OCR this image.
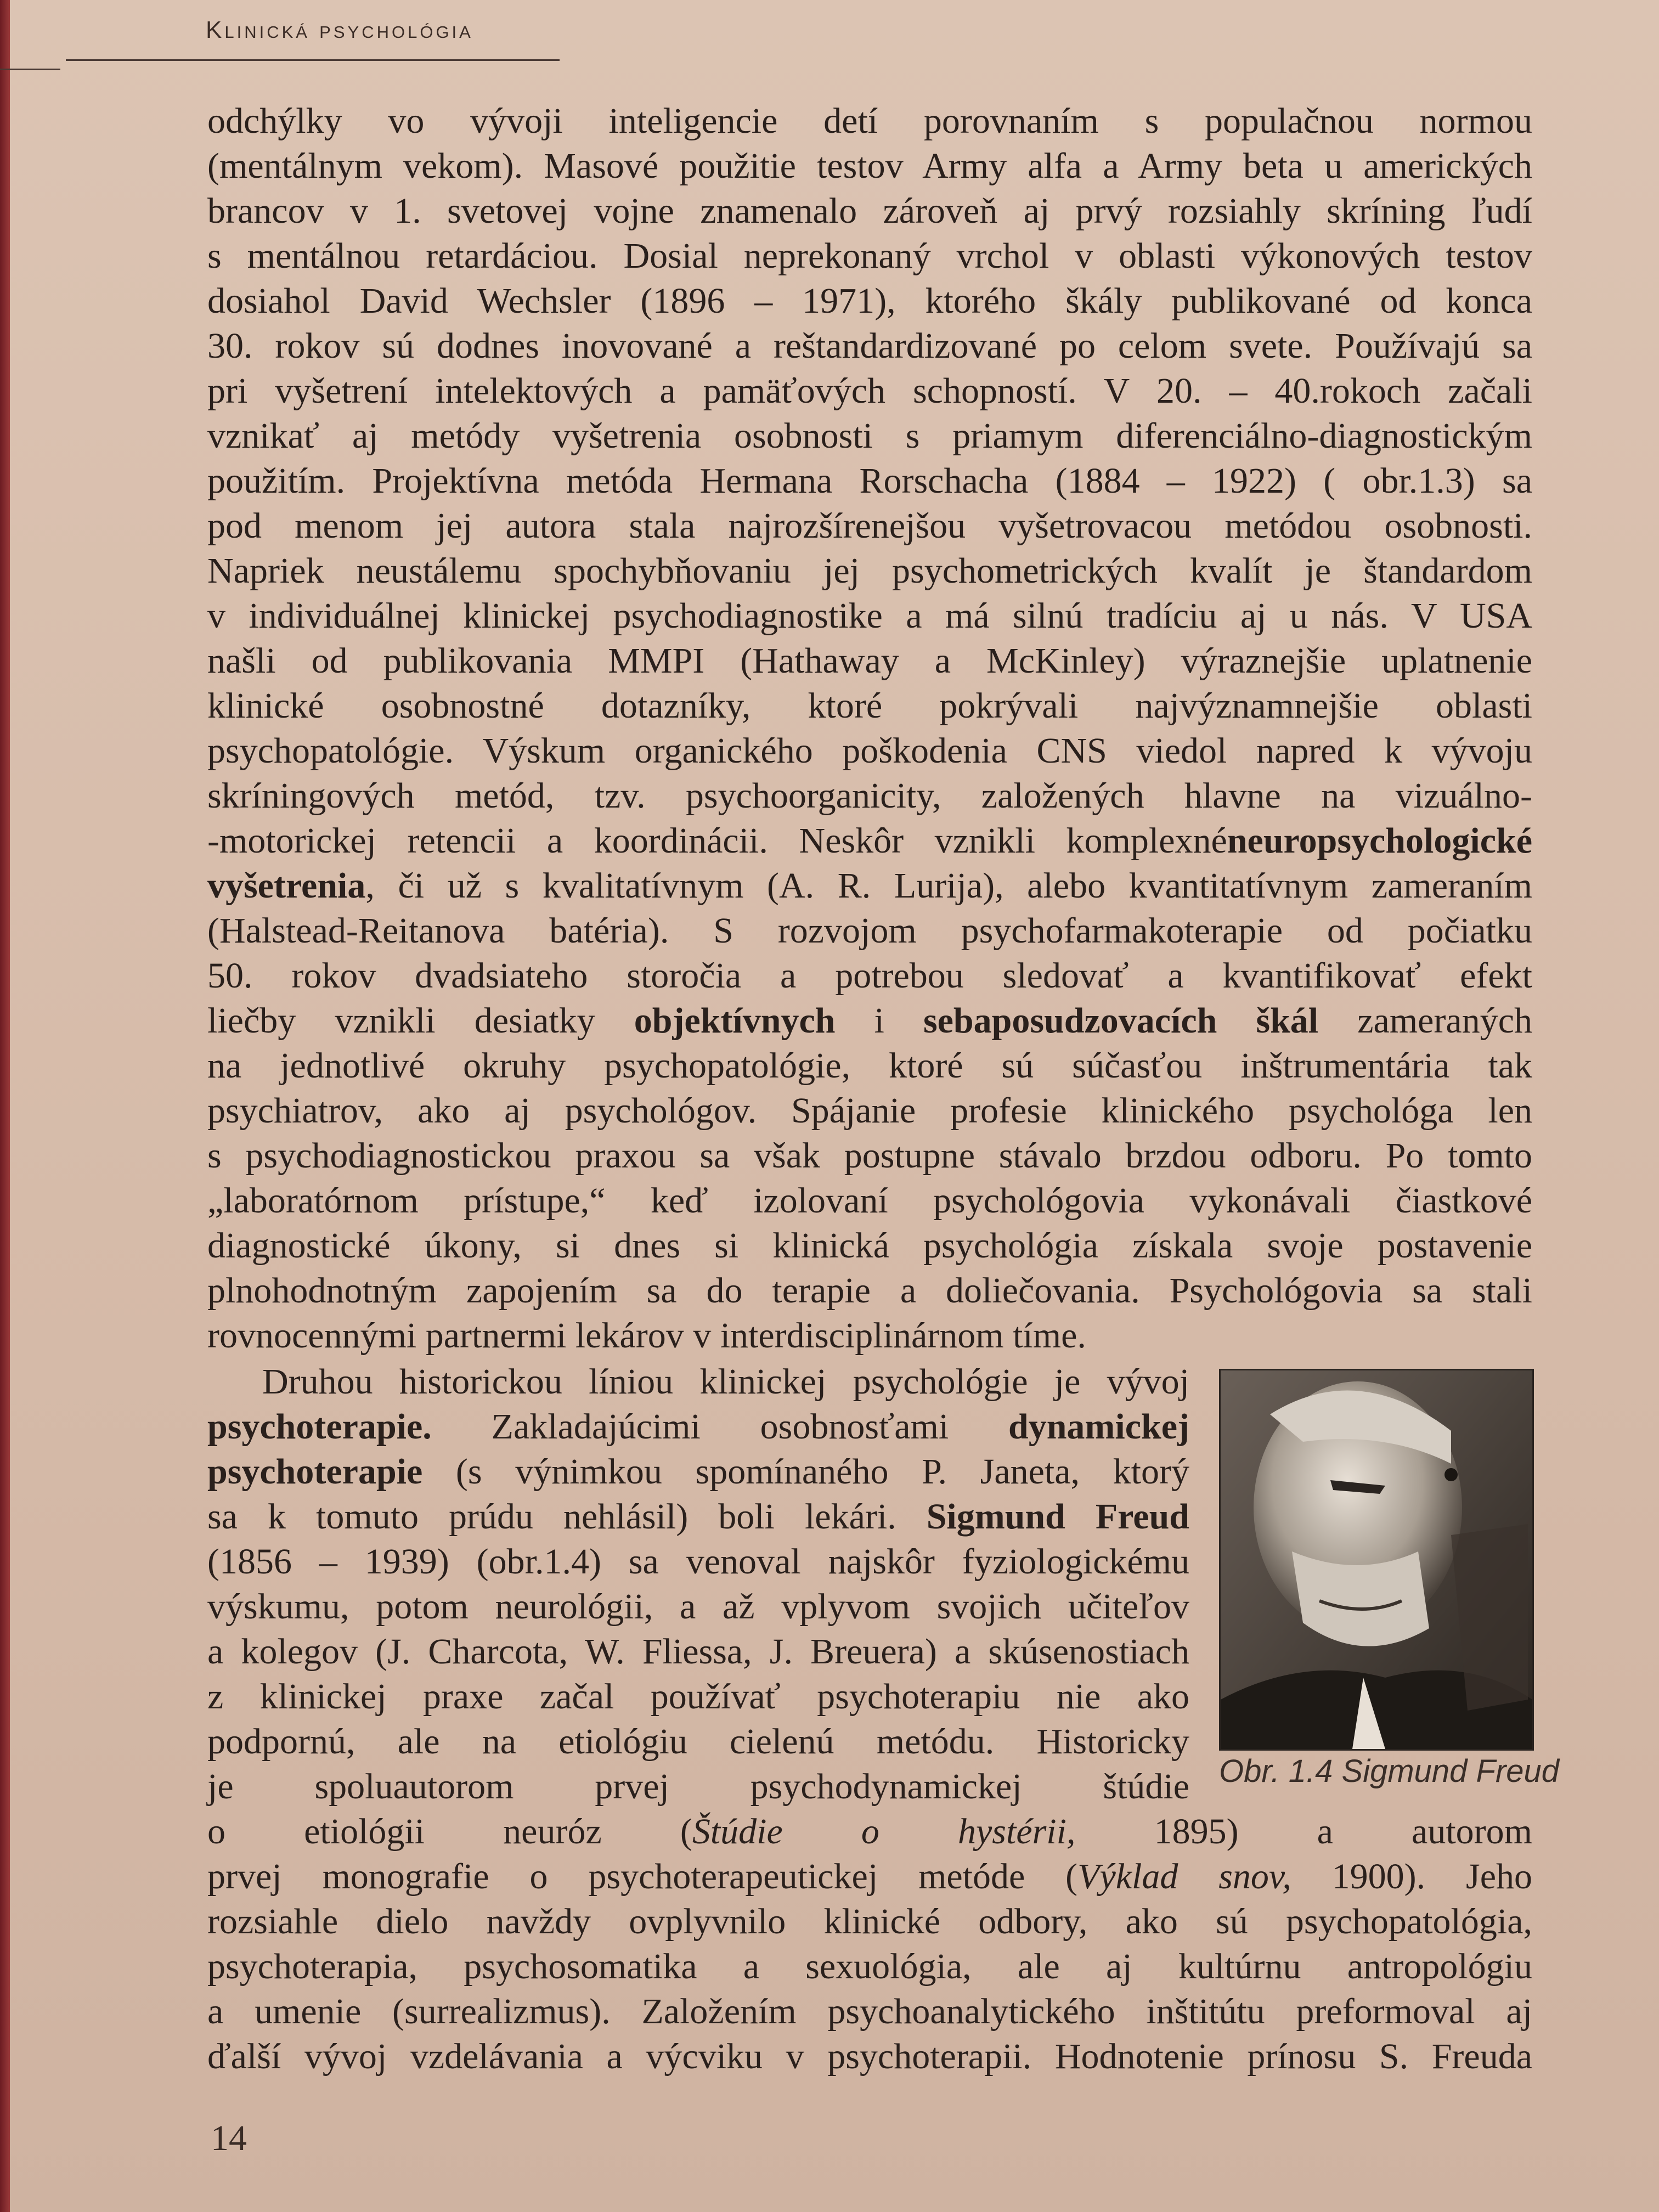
Klinická psychológia

odchýlky vo vývoji inteligencie detí porovnaním s populačnou normou

(mentálnym vekom). Masové použitie testov Army alfa a Army beta u amerických

brancov v 1. svetovej vojne znamenalo zároveň aj prvý rozsiahly skríning ľudí

s mentálnou retardáciou. Dosial neprekonaný vrchol v oblasti výkonových testov

dosiahol David Wechsler (1896 – 1971), ktorého škály publikované od konca

30. rokov sú dodnes inovované a reštandardizované po celom svete. Používajú sa

pri vyšetrení intelektových a pamäťových schopností. V 20. – 40.rokoch začali

vznikať aj metódy vyšetrenia osobnosti s priamym diferenciálno-diagnostickým

použitím. Projektívna metóda Hermana Rorschacha (1884 – 1922) ( obr.1.3) sa

pod menom jej autora stala najrozšírenejšou vyšetrovacou metódou osobnosti.

Napriek neustálemu spochybňovaniu jej psychometrických kvalít je štandardom

v individuálnej klinickej psychodiagnostike a má silnú tradíciu aj u nás. V USA

našli od publikovania MMPI (Hathaway a McKinley) výraznejšie uplatnenie

klinické osobnostné dotazníky, ktoré pokrývali najvýznamnejšie oblasti

psychopatológie. Výskum organického poškodenia CNS viedol napred k vývoju

skríningových metód, tzv. psychoorganicity, založených hlavne na vizuálno-

-motorickej retencii a koordinácii. Neskôr vznikli komplexnéneuropsychologické

vyšetrenia, či už s kvalitatívnym (A. R. Lurija), alebo kvantitatívnym zameraním

(Halstead-Reitanova batéria). S rozvojom psychofarmakoterapie od počiatku

50. rokov dvadsiateho storočia a potrebou sledovať a kvantifikovať efekt

liečby vznikli desiatky objektívnych i sebaposudzovacích škál zameraných

na jednotlivé okruhy psychopatológie, ktoré sú súčasťou inštrumentária tak

psychiatrov, ako aj psychológov. Spájanie profesie klinického psychológa len

s psychodiagnostickou praxou sa však postupne stávalo brzdou odboru. Po tomto

„laboratórnom prístupe,“ keď izolovaní psychológovia vykonávali čiastkové

diagnostické úkony, si dnes si klinická psychológia získala svoje postavenie

plnohodnotným zapojením sa do terapie a doliečovania. Psychológovia sa stali

rovnocennými partnermi lekárov v interdisciplinárnom tíme.

Druhou historickou líniou klinickej psychológie je vývoj

psychoterapie. Zakladajúcimi osobnosťami dynamickej

psychoterapie (s výnimkou spomínaného P. Janeta, ktorý

sa k tomuto prúdu nehlásil) boli lekári. Sigmund Freud

(1856 – 1939) (obr.1.4) sa venoval najskôr fyziologickému

výskumu, potom neurológii, a až vplyvom svojich učiteľov

a kolegov (J. Charcota, W. Fliessa, J. Breuera) a skúsenostiach

z klinickej praxe začal používať psychoterapiu nie ako

podpornú, ale na etiológiu cielenú metódu. Historicky

je spoluautorom prvej psychodynamickej štúdie Obr. 1.4 Sigmund Freud

o etiológii neuróz (Štúdie o hystérii, 1895) a autorom

prvej monografie o psychoterapeutickej metóde (Výklad snov, 1900). Jeho

rozsiahle dielo navždy ovplyvnilo klinické odbory, ako sú psychopatológia,

psychoterapia, psychosomatika a sexuológia, ale aj kultúrnu antropológiu

a umenie (surrealizmus). Založením psychoanalytického inštitútu preformoval aj

ďalší vývoj vzdelávania a výcviku v psychoterapii. Hodnotenie prínosu S. Freuda

14
